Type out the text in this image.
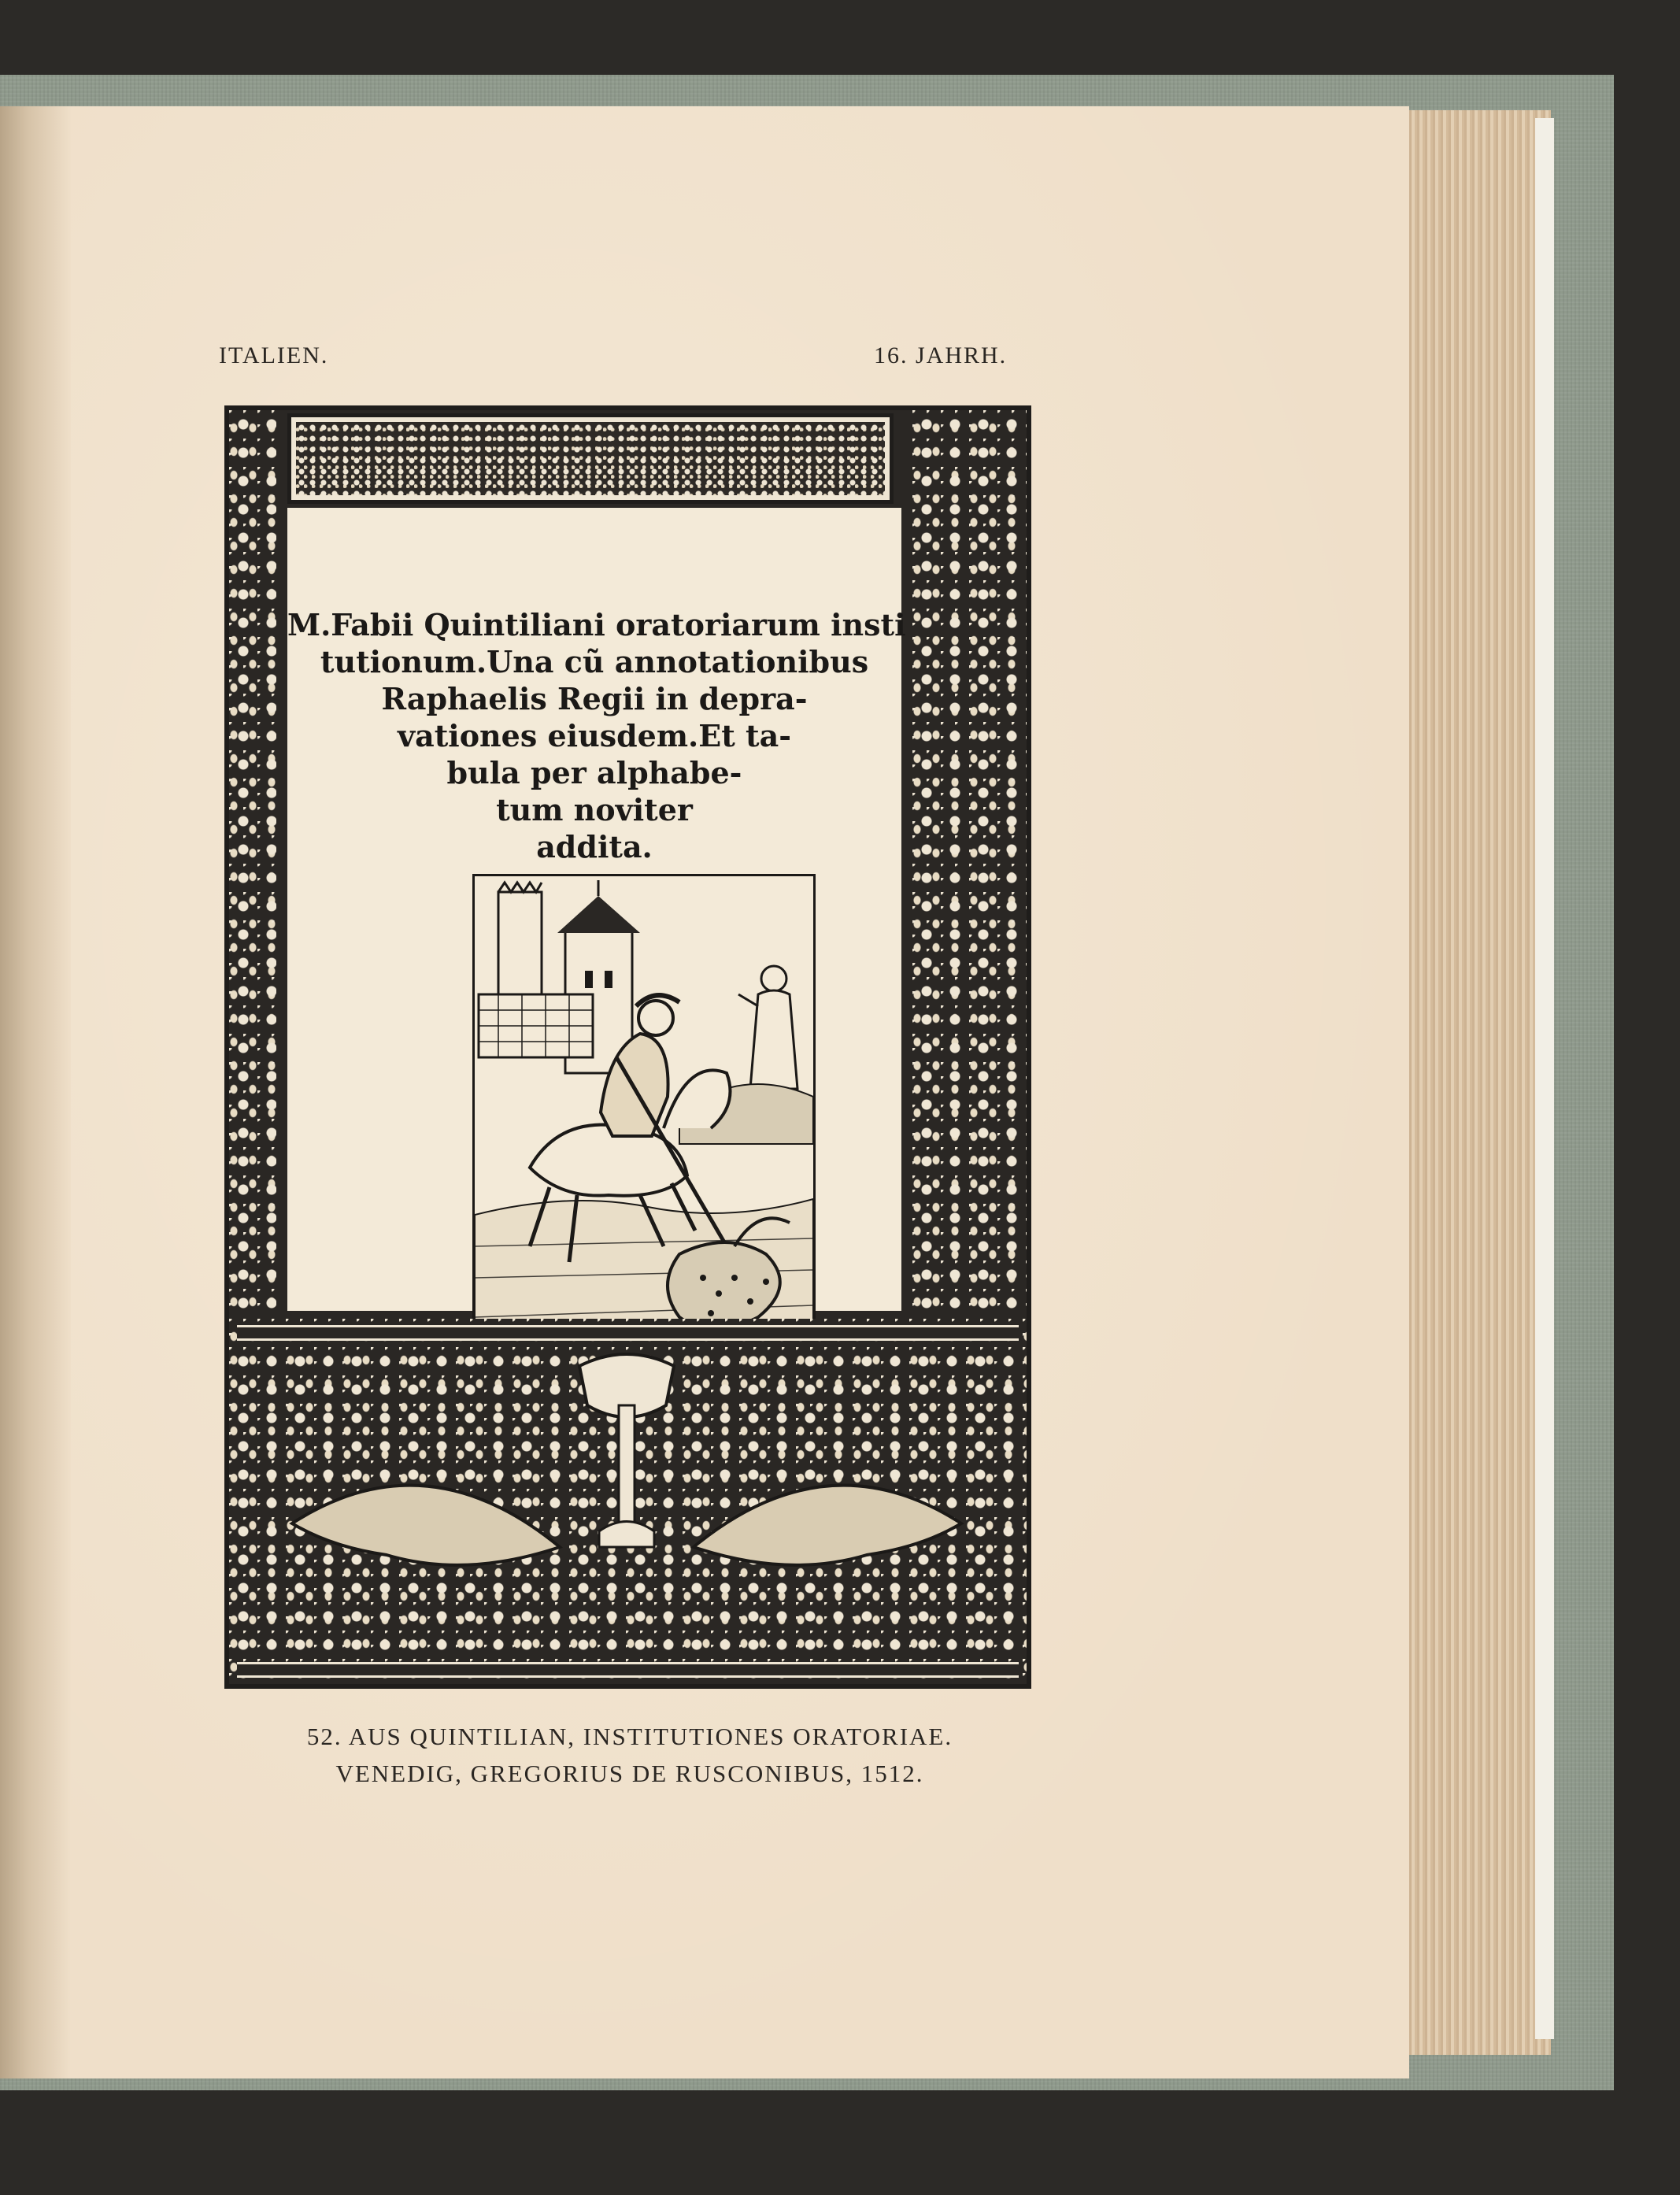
ITALIEN.	16. JAHRH.
M.Fabii Quintiliani oratoriarum insti
tutionum.Una cũ annotationibus
Raphaelis Regii in depra-
vationes eiusdem.Et ta-
bula per alphabe-
tum noviter
addita.
52. AUS QUINTILIAN, INSTITUTIONES ORATORIAE.
VENEDIG, GREGORIUS DE RUSCONIBUS, 1512.
